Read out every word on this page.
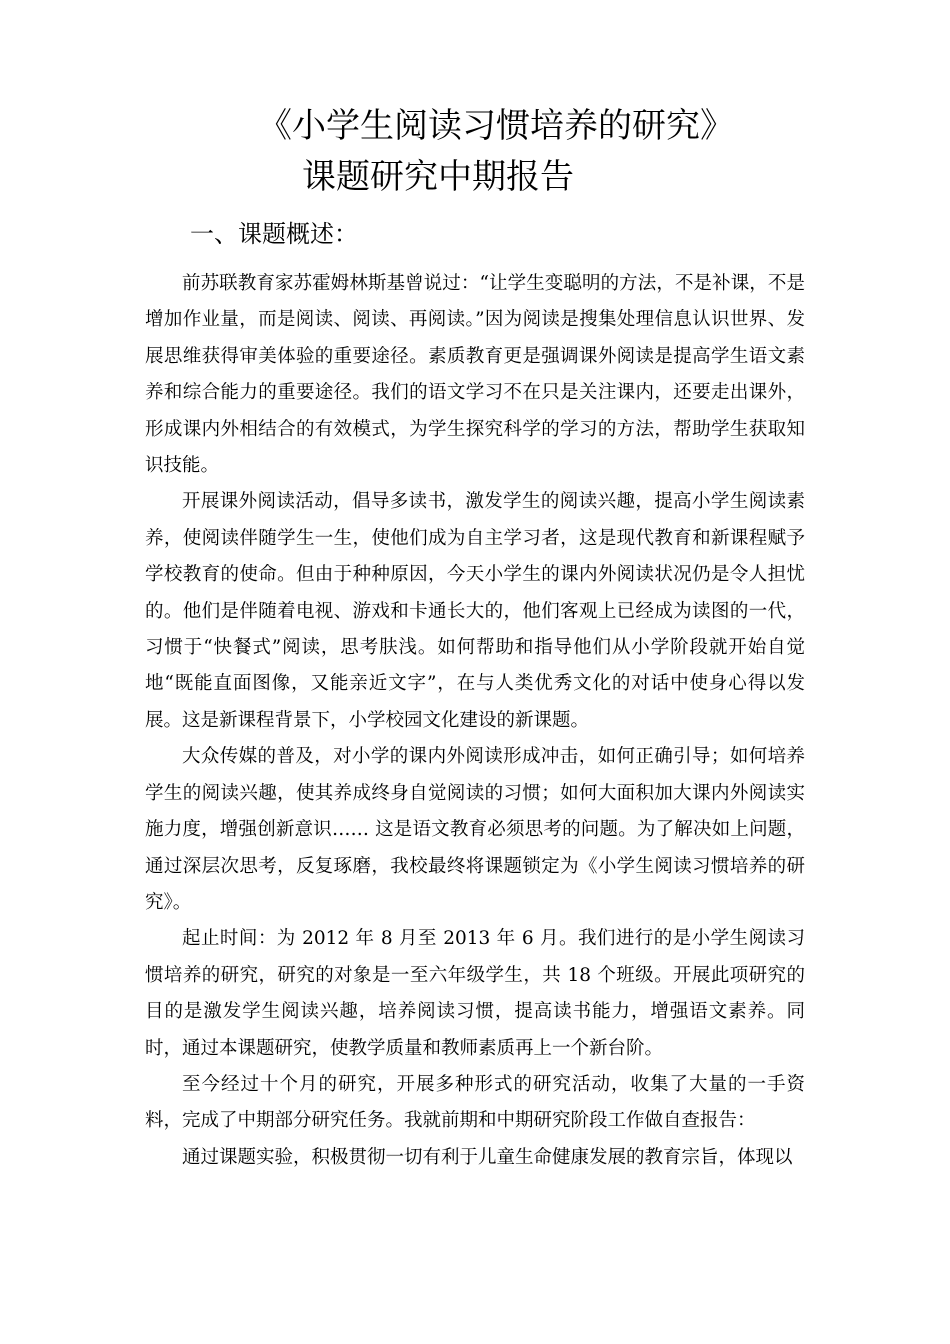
《小学生阅读习惯培养的研究》
课题研究中期报告
一、课题概述：

前苏联教育家苏霍姆林斯基曾说过：“让学生变聪明的方法，不是补课，不是增加作业量，而是阅读、阅读、再阅读。”因为阅读是搜集处理信息认识世界、发展思维获得审美体验的重要途径。素质教育更是强调课外阅读是提高学生语文素养和综合能力的重要途径。我们的语文学习不在只是关注课内，还要走出课外，形成课内外相结合的有效模式，为学生探究科学的学习的方法，帮助学生获取知识技能。

开展课外阅读活动，倡导多读书，激发学生的阅读兴趣，提高小学生阅读素养，使阅读伴随学生一生，使他们成为自主学习者，这是现代教育和新课程赋予学校教育的使命。但由于种种原因，今天小学生的课内外阅读状况仍是令人担忧的。他们是伴随着电视、游戏和卡通长大的，他们客观上已经成为读图的一代，习惯于“快餐式”阅读，思考肤浅。如何帮助和指导他们从小学阶段就开始自觉地“既能直面图像，又能亲近文字”，在与人类优秀文化的对话中使身心得以发展。这是新课程背景下，小学校园文化建设的新课题。

大众传媒的普及，对小学的课内外阅读形成冲击，如何正确引导；如何培养学生的阅读兴趣，使其养成终身自觉阅读的习惯；如何大面积加大课内外阅读实施力度，增强创新意识…… 这是语文教育必须思考的问题。为了解决如上问题，通过深层次思考，反复琢磨，我校最终将课题锁定为《小学生阅读习惯培养的研究》。

起止时间：为 2012 年 8 月至 2013 年 6 月。我们进行的是小学生阅读习惯培养的研究，研究的对象是一至六年级学生，共 18 个班级。开展此项研究的目的是激发学生阅读兴趣，培养阅读习惯，提高读书能力，增强语文素养。同时，通过本课题研究，使教学质量和教师素质再上一个新台阶。

至今经过十个月的研究，开展多种形式的研究活动，收集了大量的一手资料，完成了中期部分研究任务。我就前期和中期研究阶段工作做自查报告：

通过课题实验，积极贯彻一切有利于儿童生命健康发展的教育宗旨，体现以
